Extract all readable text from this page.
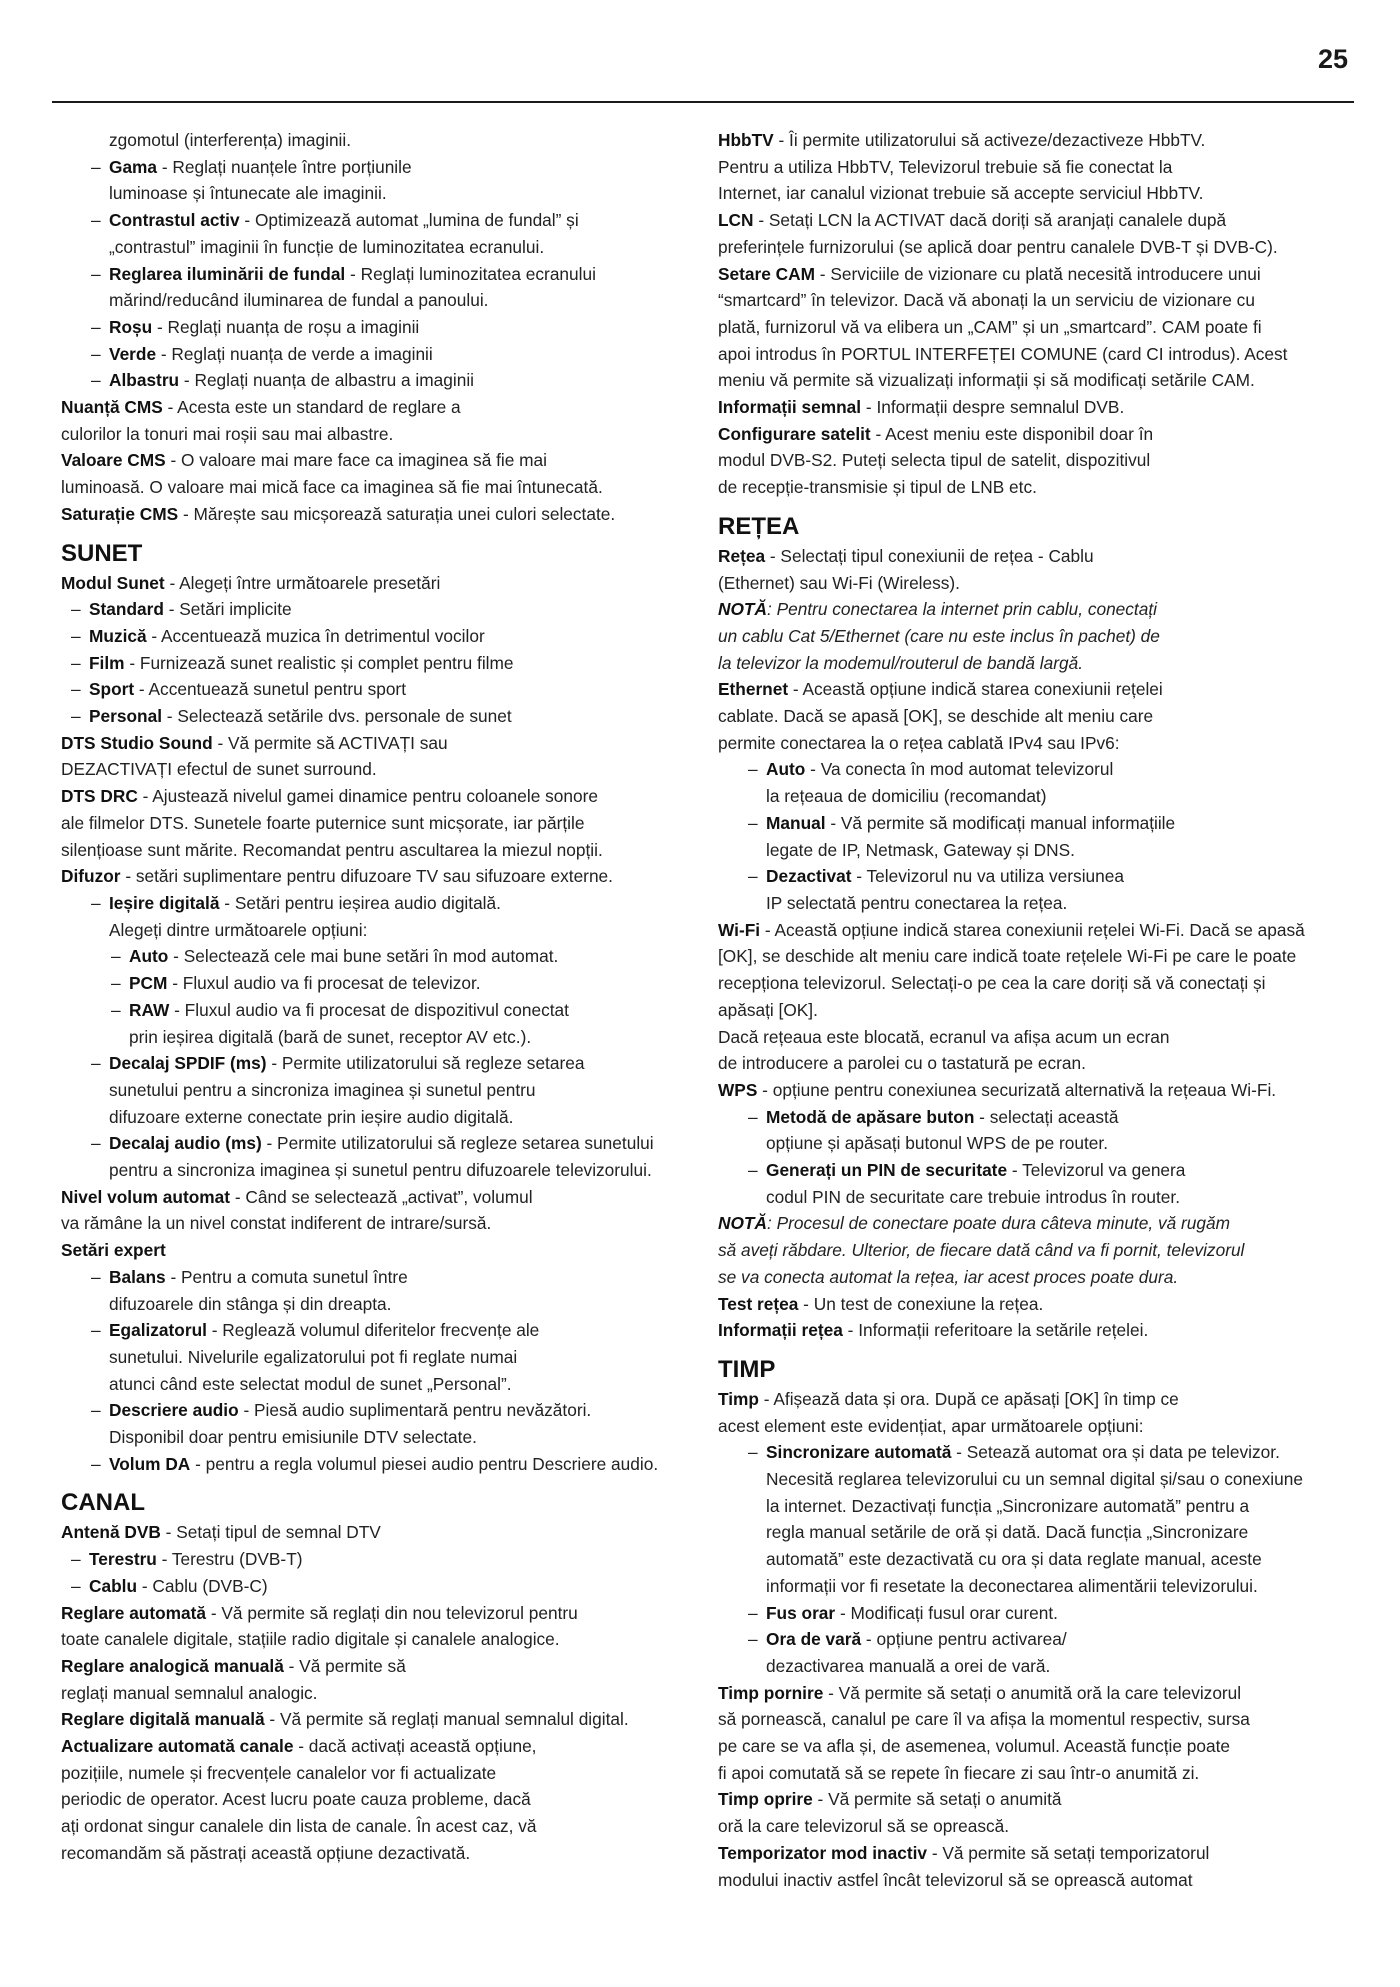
25

zgomotul (interferența) imaginii.

– Gama - Reglați nuanțele între porțiunile

luminoase și întunecate ale imaginii.

– Contrastul activ - Optimizează automat „lumina de fundal” și

„contrastul” imaginii în funcție de luminozitatea ecranului.

– Reglarea iluminării de fundal - Reglați luminozitatea ecranului

mărind/reducând iluminarea de fundal a panoului.

– Roșu - Reglați nuanța de roșu a imaginii

– Verde - Reglați nuanța de verde a imaginii

– Albastru - Reglați nuanța de albastru a imaginii

Nuanță CMS - Acesta este un standard de reglare a

culorilor la tonuri mai roșii sau mai albastre.

Valoare CMS - O valoare mai mare face ca imaginea să fie mai

luminoasă. O valoare mai mică face ca imaginea să fie mai întunecată.

Saturație CMS - Mărește sau micșorează saturația unei culori selectate.

SUNET

Modul Sunet - Alegeți între următoarele presetări

– Standard - Setări implicite

– Muzică - Accentuează muzica în detrimentul vocilor

– Film - Furnizează sunet realistic și complet pentru filme

– Sport - Accentuează sunetul pentru sport

– Personal - Selectează setările dvs. personale de sunet

DTS Studio Sound - Vă permite să ACTIVAȚI sau

DEZACTIVAȚI efectul de sunet surround.

DTS DRC - Ajustează nivelul gamei dinamice pentru coloanele sonore

ale filmelor DTS. Sunetele foarte puternice sunt micșorate, iar părțile

silențioase sunt mărite. Recomandat pentru ascultarea la miezul nopții.

Difuzor - setări suplimentare pentru difuzoare TV sau sifuzoare externe.

– Ieșire digitală - Setări pentru ieșirea audio digitală.

Alegeți dintre următoarele opțiuni:

– Auto - Selectează cele mai bune setări în mod automat.

– PCM - Fluxul audio va fi procesat de televizor.

– RAW - Fluxul audio va fi procesat de dispozitivul conectat

prin ieșirea digitală (bară de sunet, receptor AV etc.).

– Decalaj SPDIF (ms) - Permite utilizatorului să regleze setarea

sunetului pentru a sincroniza imaginea și sunetul pentru

difuzoare externe conectate prin ieșire audio digitală.

– Decalaj audio (ms) - Permite utilizatorului să regleze setarea sunetului

pentru a sincroniza imaginea și sunetul pentru difuzoarele televizorului.

Nivel volum automat - Când se selectează „activat”, volumul

va rămâne la un nivel constat indiferent de intrare/sursă.

Setări expert

– Balans - Pentru a comuta sunetul între

difuzoarele din stânga și din dreapta.

– Egalizatorul - Reglează volumul diferitelor frecvențe ale

sunetului. Nivelurile egalizatorului pot fi reglate numai

atunci când este selectat modul de sunet „Personal”.

– Descriere audio - Piesă audio suplimentară pentru nevăzători.

Disponibil doar pentru emisiunile DTV selectate.

– Volum DA - pentru a regla volumul piesei audio pentru Descriere audio.

CANAL

Antenă DVB - Setați tipul de semnal DTV

– Terestru - Terestru (DVB-T)

– Cablu - Cablu (DVB-C)

Reglare automată - Vă permite să reglați din nou televizorul pentru

toate canalele digitale, stațiile radio digitale și canalele analogice.

Reglare analogică manuală - Vă permite să

reglați manual semnalul analogic.

Reglare digitală manuală - Vă permite să reglați manual semnalul digital.

Actualizare automată canale - dacă activați această opțiune,

pozițiile, numele și frecvențele canalelor vor fi actualizate

periodic de operator. Acest lucru poate cauza probleme, dacă

ați ordonat singur canalele din lista de canale. În acest caz, vă

recomandăm să păstrați această opțiune dezactivată.

HbbTV - Îi permite utilizatorului să activeze/dezactiveze HbbTV.

Pentru a utiliza HbbTV, Televizorul trebuie să fie conectat la

Internet, iar canalul vizionat trebuie să accepte serviciul HbbTV.

LCN - Setați LCN la ACTIVAT dacă doriți să aranjați canalele după

preferințele furnizorului (se aplică doar pentru canalele DVB-T și DVB-C).

Setare CAM - Serviciile de vizionare cu plată necesită introducere unui

“smartcard” în televizor. Dacă vă abonați la un serviciu de vizionare cu

plată, furnizorul vă va elibera un „CAM” și un „smartcard”. CAM poate fi

apoi introdus în PORTUL INTERFEȚEI COMUNE (card CI introdus). Acest

meniu vă permite să vizualizați informații și să modificați setările CAM.

Informații semnal - Informații despre semnalul DVB.

Configurare satelit - Acest meniu este disponibil doar în

modul DVB-S2. Puteți selecta tipul de satelit, dispozitivul

de recepție-transmisie și tipul de LNB etc.

REȚEA

Rețea - Selectați tipul conexiunii de rețea - Cablu

(Ethernet) sau Wi-Fi (Wireless).

NOTĂ: Pentru conectarea la internet prin cablu, conectați

un cablu Cat 5/Ethernet (care nu este inclus în pachet) de

la televizor la modemul/routerul de bandă largă.

Ethernet - Această opțiune indică starea conexiunii rețelei

cablate. Dacă se apasă [OK], se deschide alt meniu care

permite conectarea la o rețea cablată IPv4 sau IPv6:

– Auto - Va conecta în mod automat televizorul

la rețeaua de domiciliu (recomandat)

– Manual - Vă permite să modificați manual informațiile

legate de IP, Netmask, Gateway și DNS.

– Dezactivat - Televizorul nu va utiliza versiunea

IP selectată pentru conectarea la rețea.

Wi-Fi - Această opțiune indică starea conexiunii rețelei Wi-Fi. Dacă se apasă

[OK], se deschide alt meniu care indică toate rețelele Wi-Fi pe care le poate

recepționa televizorul. Selectați-o pe cea la care doriți să vă conectați și

apăsați [OK].

Dacă rețeaua este blocată, ecranul va afișa acum un ecran

de introducere a parolei cu o tastatură pe ecran.

WPS - opțiune pentru conexiunea securizată alternativă la rețeaua Wi-Fi.

– Metodă de apăsare buton - selectați această

opțiune și apăsați butonul WPS de pe router.

– Generați un PIN de securitate - Televizorul va genera

codul PIN de securitate care trebuie introdus în router.

NOTĂ: Procesul de conectare poate dura câteva minute, vă rugăm

să aveți răbdare. Ulterior, de fiecare dată când va fi pornit, televizorul

se va conecta automat la rețea, iar acest proces poate dura.

Test rețea - Un test de conexiune la rețea.

Informații rețea - Informații referitoare la setările rețelei.

TIMP

Timp - Afișează data și ora. După ce apăsați [OK] în timp ce

acest element este evidențiat, apar următoarele opțiuni:

– Sincronizare automată - Setează automat ora și data pe televizor.

Necesită reglarea televizorului cu un semnal digital și/sau o conexiune

la internet. Dezactivați funcția „Sincronizare automată” pentru a

regla manual setările de oră și dată. Dacă funcția „Sincronizare

automată” este dezactivată cu ora și data reglate manual, aceste

informații vor fi resetate la deconectarea alimentării televizorului.

– Fus orar - Modificați fusul orar curent.

– Ora de vară - opțiune pentru activarea/

dezactivarea manuală a orei de vară.

Timp pornire - Vă permite să setați o anumită oră la care televizorul

să pornească, canalul pe care îl va afișa la momentul respectiv, sursa

pe care se va afla și, de asemenea, volumul. Această funcție poate

fi apoi comutată să se repete în fiecare zi sau într-o anumită zi.

Timp oprire - Vă permite să setați o anumită

oră la care televizorul să se oprească.

Temporizator mod inactiv - Vă permite să setați temporizatorul

modului inactiv astfel încât televizorul să se oprească automat
